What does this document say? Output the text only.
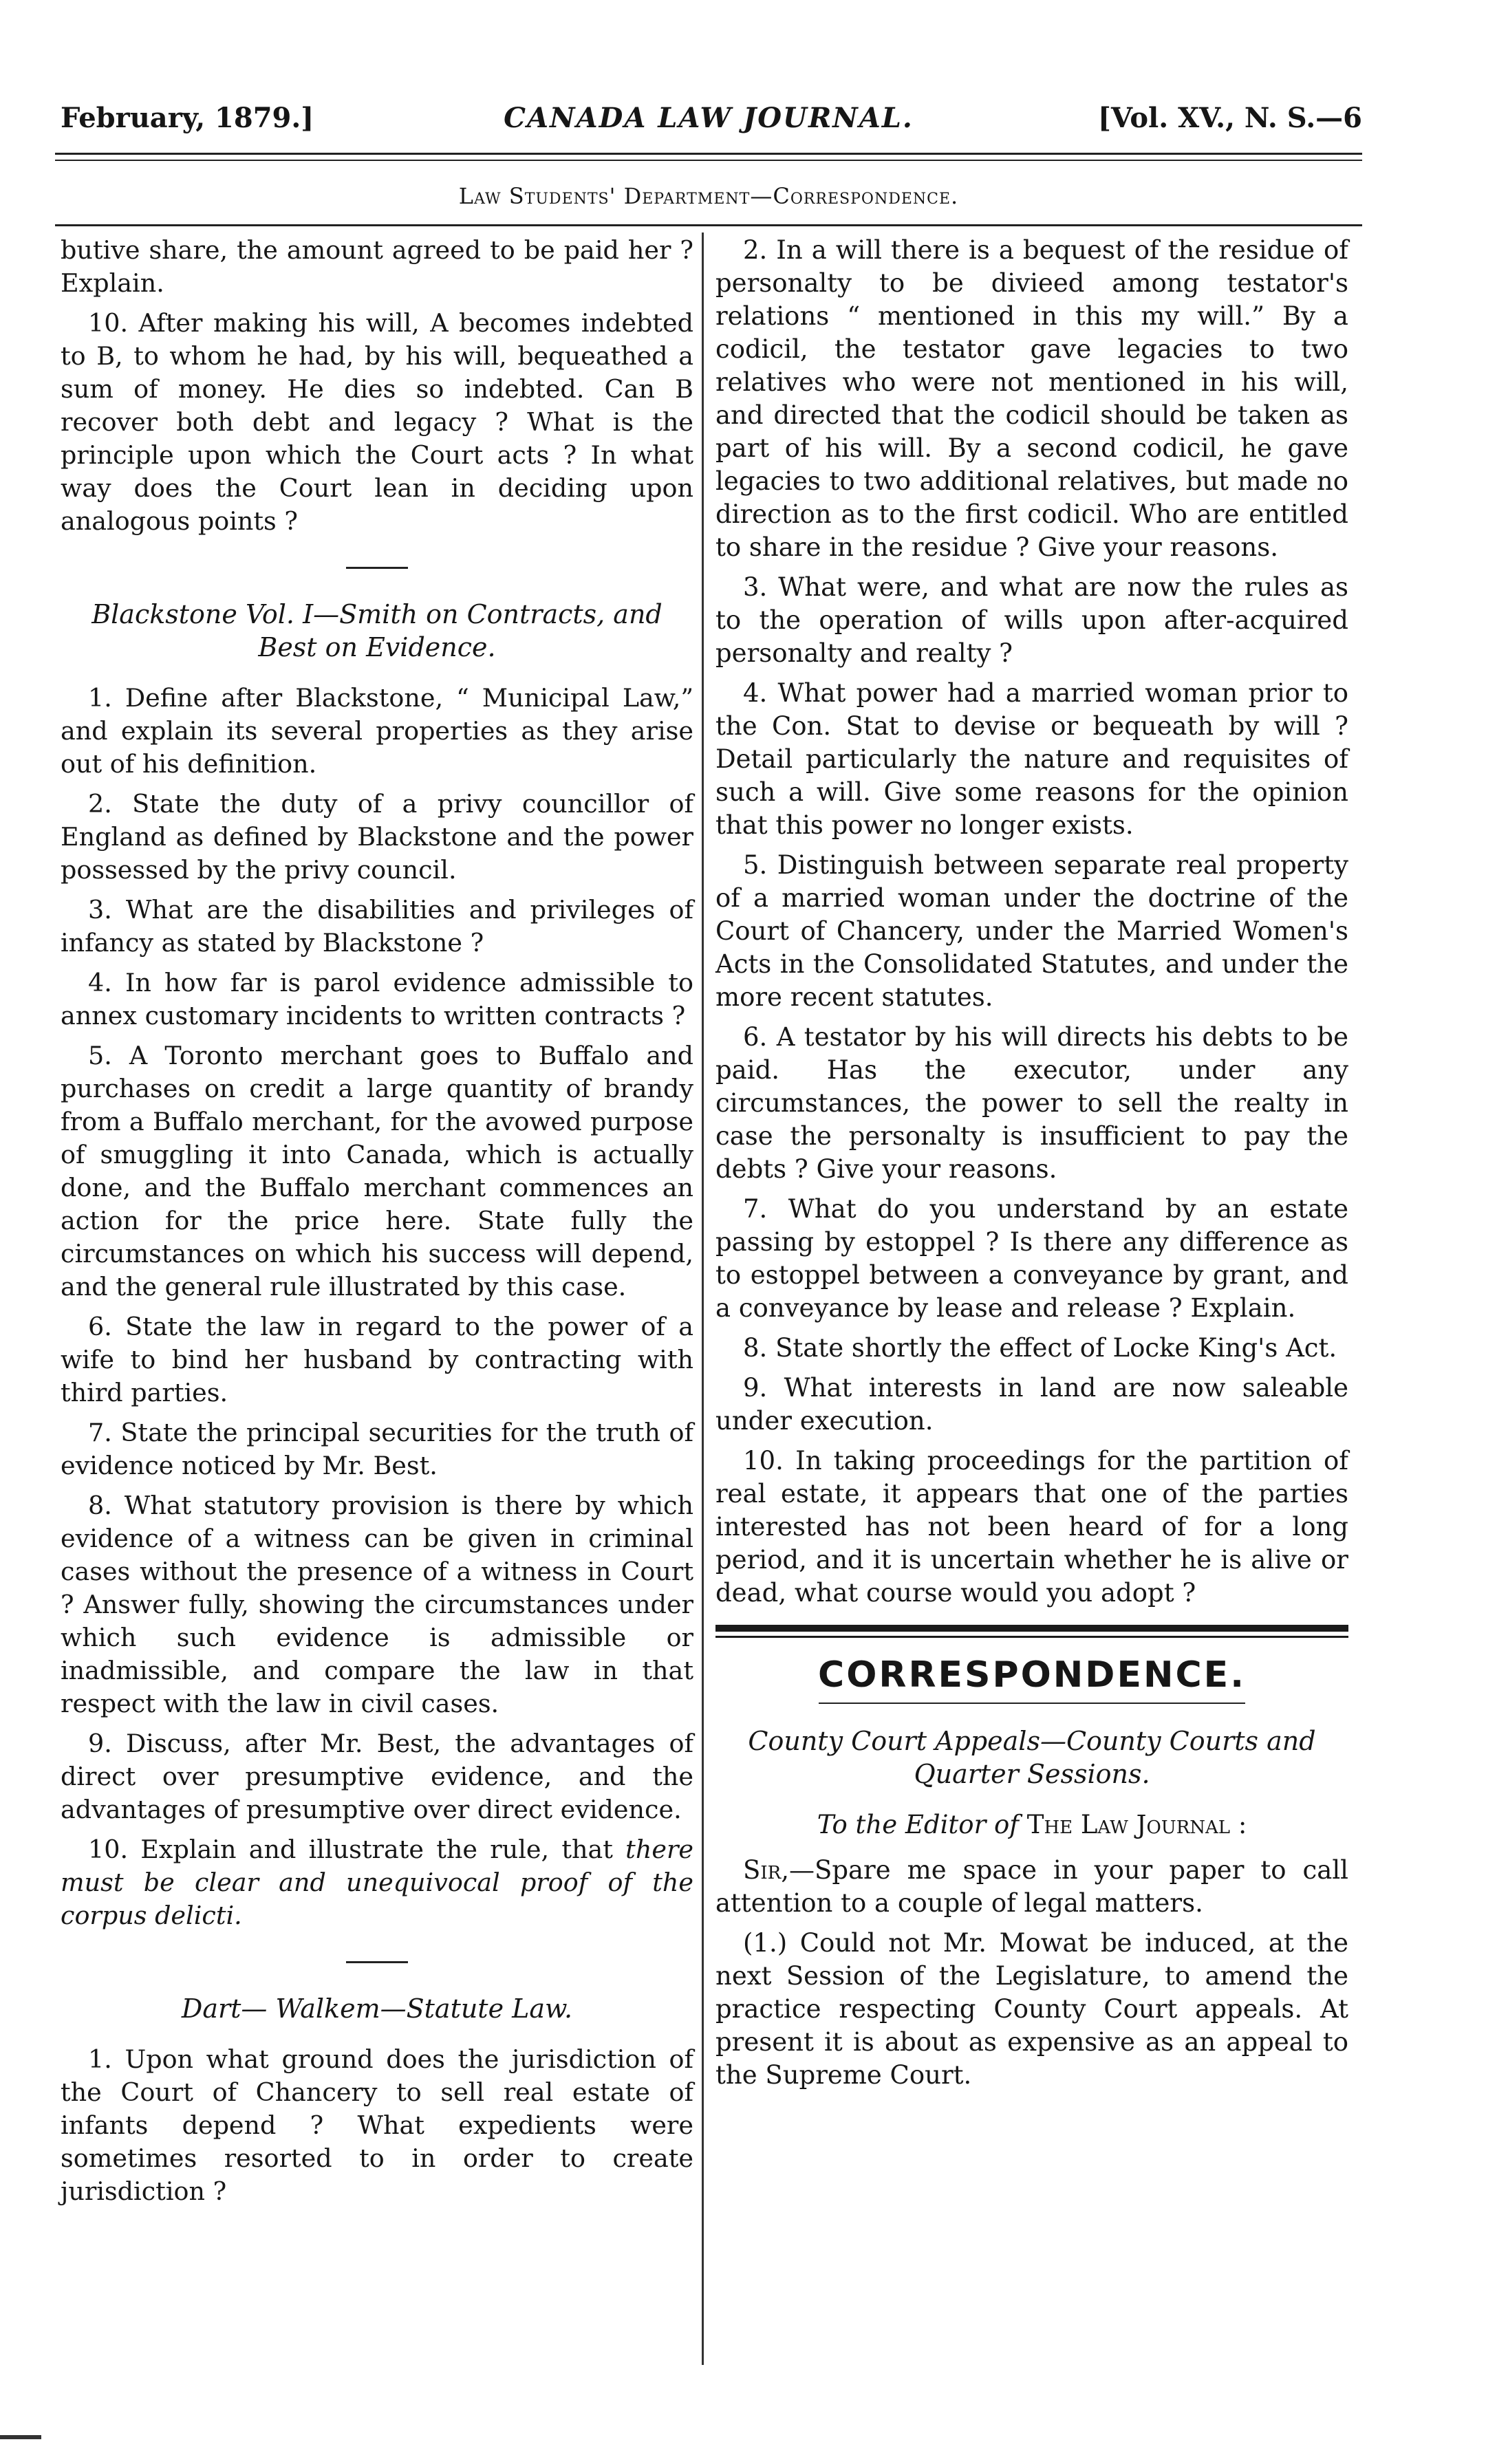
February, 1879.]	CANADA LAW JOURNAL.	[Vol. XV., N. S.—6
Law Students' Department—Correspondence.

butive share, the amount agreed to be paid her ? Explain.

10. After making his will, A becomes indebted to B, to whom he had, by his will, bequeathed a sum of money. He dies so indebted. Can B recover both debt and legacy ? What is the principle upon which the Court acts ? In what way does the Court lean in deciding upon analogous points ?

Blackstone Vol. I—Smith on Contracts, and Best on Evidence.

1. Define after Blackstone, “ Municipal Law,” and explain its several properties as they arise out of his definition.

2. State the duty of a privy councillor of England as defined by Blackstone and the power possessed by the privy council.

3. What are the disabilities and privileges of infancy as stated by Blackstone ?

4. In how far is parol evidence admissible to annex customary incidents to written contracts ?

5. A Toronto merchant goes to Buffalo and purchases on credit a large quantity of brandy from a Buffalo merchant, for the avowed purpose of smuggling it into Canada, which is actually done, and the Buffalo merchant commences an action for the price here. State fully the circumstances on which his success will depend, and the general rule illustrated by this case.

6. State the law in regard to the power of a wife to bind her husband by contracting with third parties.

7. State the principal securities for the truth of evidence noticed by Mr. Best.

8. What statutory provision is there by which evidence of a witness can be given in criminal cases without the presence of a witness in Court ? Answer fully, showing the circumstances under which such evidence is admissible or inadmissible, and compare the law in that respect with the law in civil cases.

9. Discuss, after Mr. Best, the advantages of direct over presumptive evidence, and the advantages of presumptive over direct evidence.

10. Explain and illustrate the rule, that there must be clear and unequivocal proof of the corpus delicti.

Dart— Walkem—Statute Law.

1. Upon what ground does the jurisdiction of the Court of Chancery to sell real estate of infants depend ? What expedients were sometimes resorted to in order to create jurisdiction ?

2. In a will there is a bequest of the residue of personalty to be divieed among testator's relations “ mentioned in this my will.” By a codicil, the testator gave legacies to two relatives who were not mentioned in his will, and directed that the codicil should be taken as part of his will. By a second codicil, he gave legacies to two additional relatives, but made no direction as to the first codicil. Who are entitled to share in the residue ? Give your reasons.

3. What were, and what are now the rules as to the operation of wills upon after-acquired personalty and realty ?

4. What power had a married woman prior to the Con. Stat to devise or bequeath by will ? Detail particularly the nature and requisites of such a will. Give some reasons for the opinion that this power no longer exists.

5. Distinguish between separate real property of a married woman under the doctrine of the Court of Chancery, under the Married Women's Acts in the Consolidated Statutes, and under the more recent statutes.

6. A testator by his will directs his debts to be paid. Has the executor, under any circumstances, the power to sell the realty in case the personalty is insufficient to pay the debts ? Give your reasons.

7. What do you understand by an estate passing by estoppel ? Is there any difference as to estoppel between a conveyance by grant, and a conveyance by lease and release ? Explain.

8. State shortly the effect of Locke King's Act.

9. What interests in land are now saleable under execution.

10. In taking proceedings for the partition of real estate, it appears that one of the parties interested has not been heard of for a long period, and it is uncertain whether he is alive or dead, what course would you adopt ?

CORRESPONDENCE.
County Court Appeals—County Courts and Quarter Sessions.
To the Editor of The Law Journal :

Sir,—Spare me space in your paper to call attention to a couple of legal matters.

(1.) Could not Mr. Mowat be induced, at the next Session of the Legislature, to amend the practice respecting County Court appeals. At present it is about as expensive as an appeal to the Supreme Court.
